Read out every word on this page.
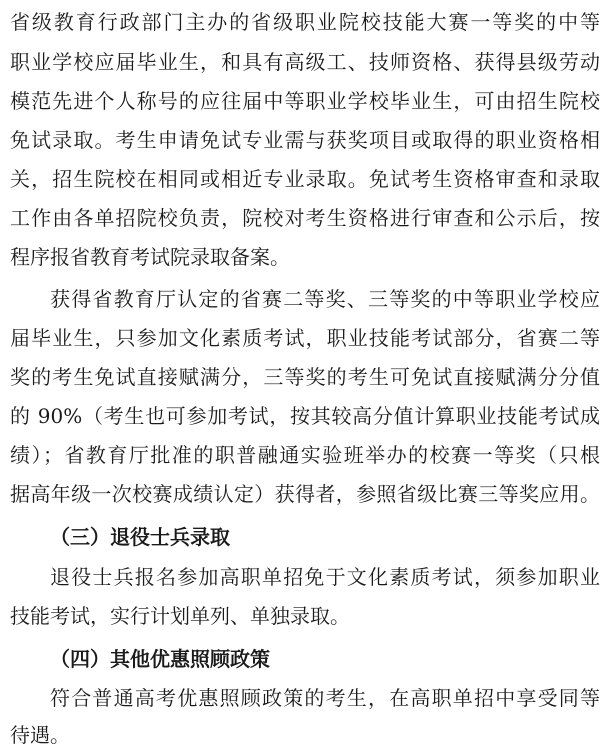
省级教育行政部门主办的省级职业院校技能大赛一等奖的中等
职业学校应届毕业生，和具有高级工、技师资格、获得县级劳动
模范先进个人称号的应往届中等职业学校毕业生，可由招生院校
免试录取。考生申请免试专业需与获奖项目或取得的职业资格相
关，招生院校在相同或相近专业录取。免试考生资格审查和录取
工作由各单招院校负责，院校对考生资格进行审查和公示后，按
程序报省教育考试院录取备案。
获得省教育厅认定的省赛二等奖、三等奖的中等职业学校应
届毕业生，只参加文化素质考试，职业技能考试部分，省赛二等
奖的考生免试直接赋满分，三等奖的考生可免试直接赋满分分值
的 90%（考生也可参加考试，按其较高分值计算职业技能考试成
绩）；省教育厅批准的职普融通实验班举办的校赛一等奖（只根
据高年级一次校赛成绩认定）获得者，参照省级比赛三等奖应用。
（三）退役士兵录取
退役士兵报名参加高职单招免于文化素质考试，须参加职业
技能考试，实行计划单列、单独录取。
（四）其他优惠照顾政策
符合普通高考优惠照顾政策的考生，在高职单招中享受同等
待遇。
